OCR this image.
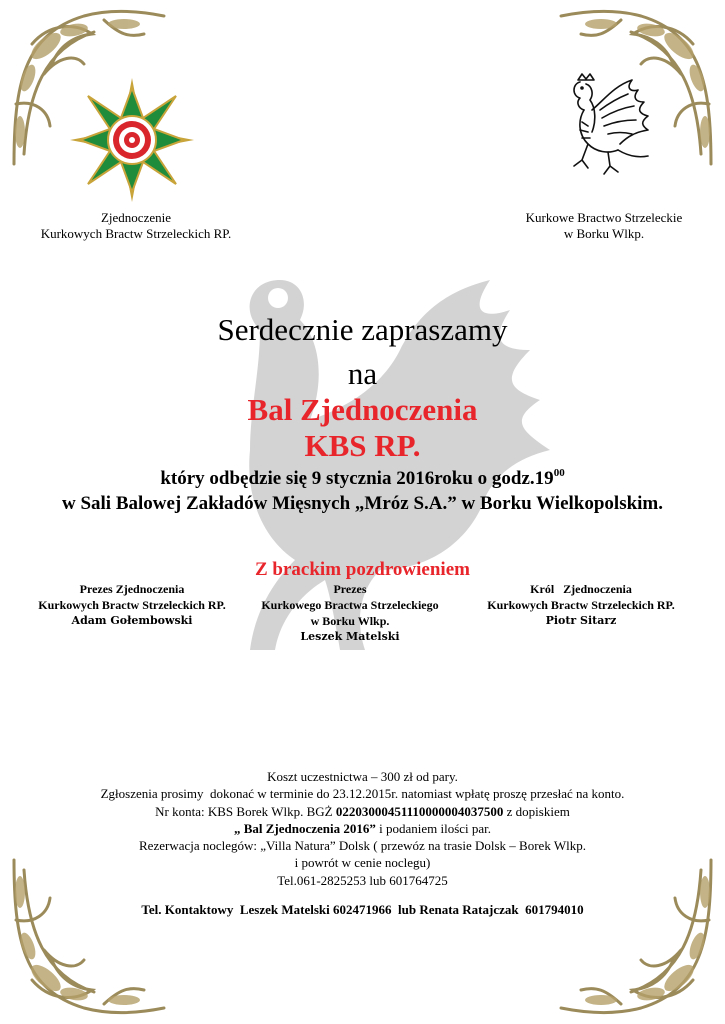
Zjednoczenie
Kurkowych Bractw Strzeleckich RP.
Kurkowe Bractwo Strzeleckie
w Borku Wlkp.
Serdecznie zapraszamy
na
Bal Zjednoczenia
KBS RP.
który odbędzie się 9 stycznia 2016roku o $godz.19^{00}$
w Sali Balowej Zakładów Mięsnych „Mróz S.A.” w Borku Wielkopolskim.
Z brackim pozdrowieniem
Prezes Zjednoczenia
Kurkowych Bractw Strzeleckich RP.
Adam Gołembowski
Prezes
Kurkowego Bractwa Strzeleckiego
w Borku Wlkp.
Leszek Matelski
Król   Zjednoczenia
Kurkowych Bractw Strzeleckich RP.
Piotr Sitarz
Koszt uczestnictwa – 300 zł od pary.
Zgłoszenia prosimy  dokonać w terminie do 23.12.2015r. natomiast wpłatę proszę przesłać na konto.
Nr konta: KBS Borek Wlkp. BGŻ 02203000451110000004037500 z dopiskiem
„ Bal Zjednoczenia 2016” i podaniem ilości par.
Rezerwacja noclegów: „Villa Natura” Dolsk ( przewóz na trasie Dolsk – Borek Wlkp.
i powrót w cenie noclegu)
Tel.061-2825253 lub 601764725
Tel. Kontaktowy  Leszek Matelski 602471966  lub Renata Ratajczak  601794010
